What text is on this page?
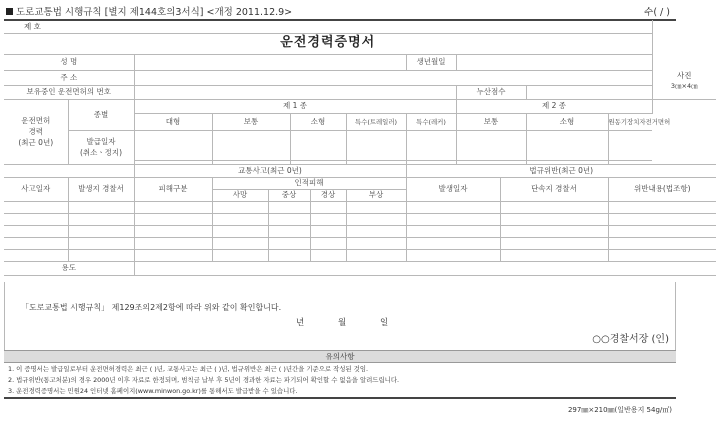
도로교통법 시행규칙 [별지 제144호의3서식] <개정 2011.12.9>	수( / )
제 호													사진
3㎝×4㎝

운전경력증명서													
성 명								생년월일					
주 소													
보유중인 운전면허의 번호									누산점수				
운전면허
경력
(최근 0년)	종별	제 1 종							제 2 종				
		대형	보통		소형		특수(트레일러)	특수(레커)	보통		소형	원동기장치자전거면허	
	발급일자
(취소ㆍ정지)												

		교통사고(최근 0년)						법규위반(최근 0년)					
사고일자	발생지 경찰서	피해구분	인적피해					발생일자		단속지 경찰서		위반내용(법조항)	
			사망	중상		경상	부상						

용도													
「도로교통법 시행규칙」 제129조의2제2항에 따라 위와 같이 확인합니다.
년	월	일
○○경찰서장 (인)
유의사항
1. 이 증명서는 발급일로부터 운전면허경력은 최근 ( )년, 교통사고는 최근 ( )년, 법규위반은 최근 ( )년간을 기준으로 작성된 것임.
2. 법규위반(통고처분)의 경우 2000년 이후 자료로 한정되며, 범칙금 납부 후 5년이 경과한 자료는 파기되어 확인할 수 없음을 알려드립니다.
3. 운전경력증명서는 민원24 인터넷 홈페이지(www.minwon.go.kr)를 통해서도 발급받을 수 있습니다.
297㎜×210㎜(일반용지 54g/㎡)
